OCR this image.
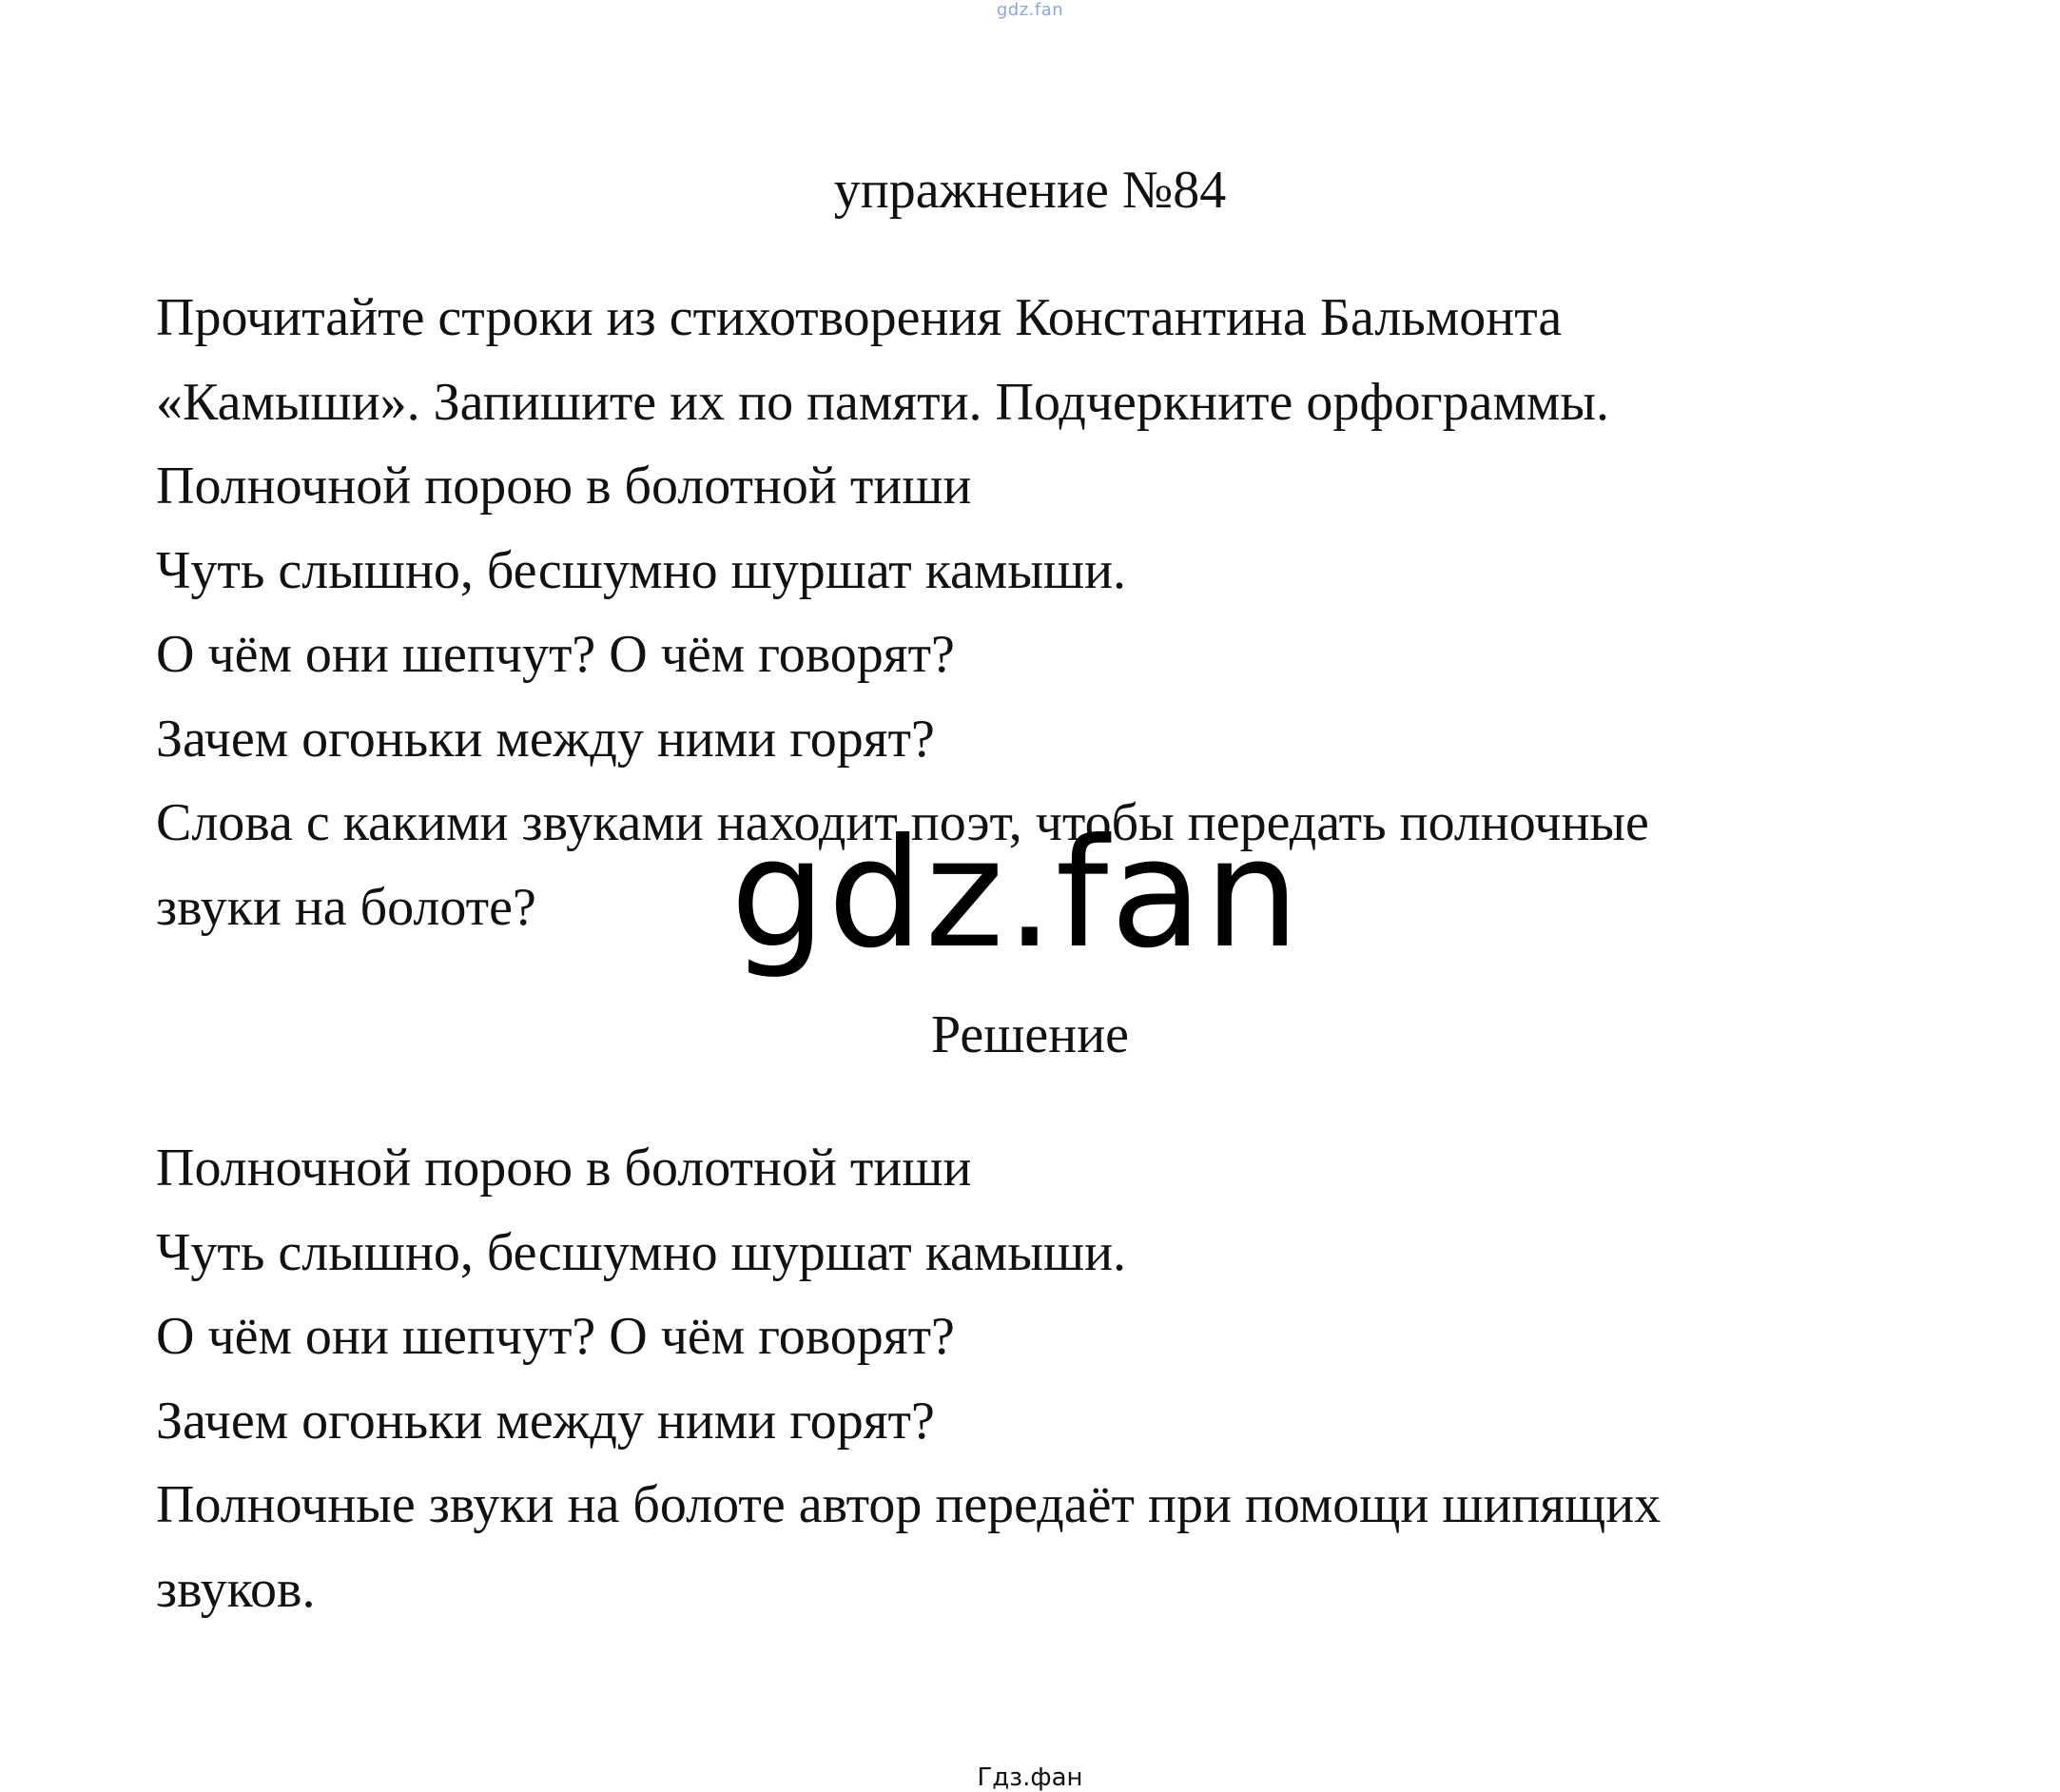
gdz.fan
упражнение №84
Прочитайте строки из стихотворения Константина Бальмонта
«Камыши». Запишите их по памяти. Подчеркните орфограммы.
Полночной порою в болотной тиши
Чуть слышно, бесшумно шуршат камыши.
О чём они шепчут? О чём говорят?
Зачем огоньки между ними горят?
Слова с какими звуками находит поэт, чтобы передать полночные
звуки на болоте?	gdz.fan
Решение
Полночной порою в болотной тиши
Чуть слышно, бесшумно шуршат камыши.
О чём они шепчут? О чём говорят?
Зачем огоньки между ними горят?
Полночные звуки на болоте автор передаёт при помощи шипящих
звуков.
Гдз.фан
